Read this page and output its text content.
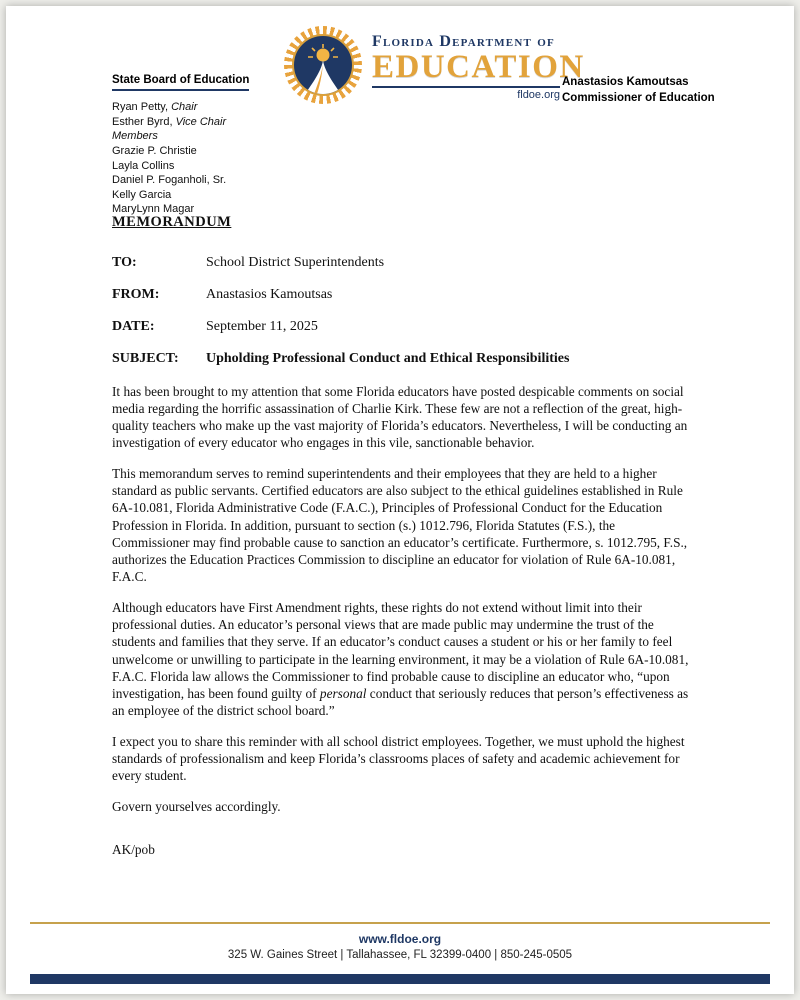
Florida Department of
EDUCATION
fldoe.org
State Board of Education
Ryan Petty, Chair
Esther Byrd, Vice Chair
Members
Grazie P. Christie
Layla Collins
Daniel P. Foganholi, Sr.
Kelly Garcia
MaryLynn Magar
Anastasios Kamoutsas
Commissioner of Education
MEMORANDUM
TO:	School District Superintendents
FROM:	Anastasios Kamoutsas
DATE:	September 11, 2025
SUBJECT:	Upholding Professional Conduct and Ethical Responsibilities

It has been brought to my attention that some Florida educators have posted despicable comments on social media regarding the horrific assassination of Charlie Kirk. These few are not a reflection of the great, high-quality teachers who make up the vast majority of Florida’s educators. Nevertheless, I will be conducting an investigation of every educator who engages in this vile, sanctionable behavior.

This memorandum serves to remind superintendents and their employees that they are held to a higher standard as public servants. Certified educators are also subject to the ethical guidelines established in Rule 6A-10.081, Florida Administrative Code (F.A.C.), Principles of Professional Conduct for the Education Profession in Florida. In addition, pursuant to section (s.) 1012.796, Florida Statutes (F.S.), the Commissioner may find probable cause to sanction an educator’s certificate. Furthermore, s. 1012.795, F.S., authorizes the Education Practices Commission to discipline an educator for violation of Rule 6A-10.081, F.A.C.

Although educators have First Amendment rights, these rights do not extend without limit into their professional duties. An educator’s personal views that are made public may undermine the trust of the students and families that they serve. If an educator’s conduct causes a student or his or her family to feel unwelcome or unwilling to participate in the learning environment, it may be a violation of Rule 6A-10.081, F.A.C. Florida law allows the Commissioner to find probable cause to discipline an educator who, “upon investigation, has been found guilty of personal conduct that seriously reduces that person’s effectiveness as an employee of the district school board.”

I expect you to share this reminder with all school district employees. Together, we must uphold the highest standards of professionalism and keep Florida’s classrooms places of safety and academic achievement for every student.

Govern yourselves accordingly.

AK/pob

www.fldoe.org
325 W. Gaines Street | Tallahassee, FL 32399-0400 | 850-245-0505
